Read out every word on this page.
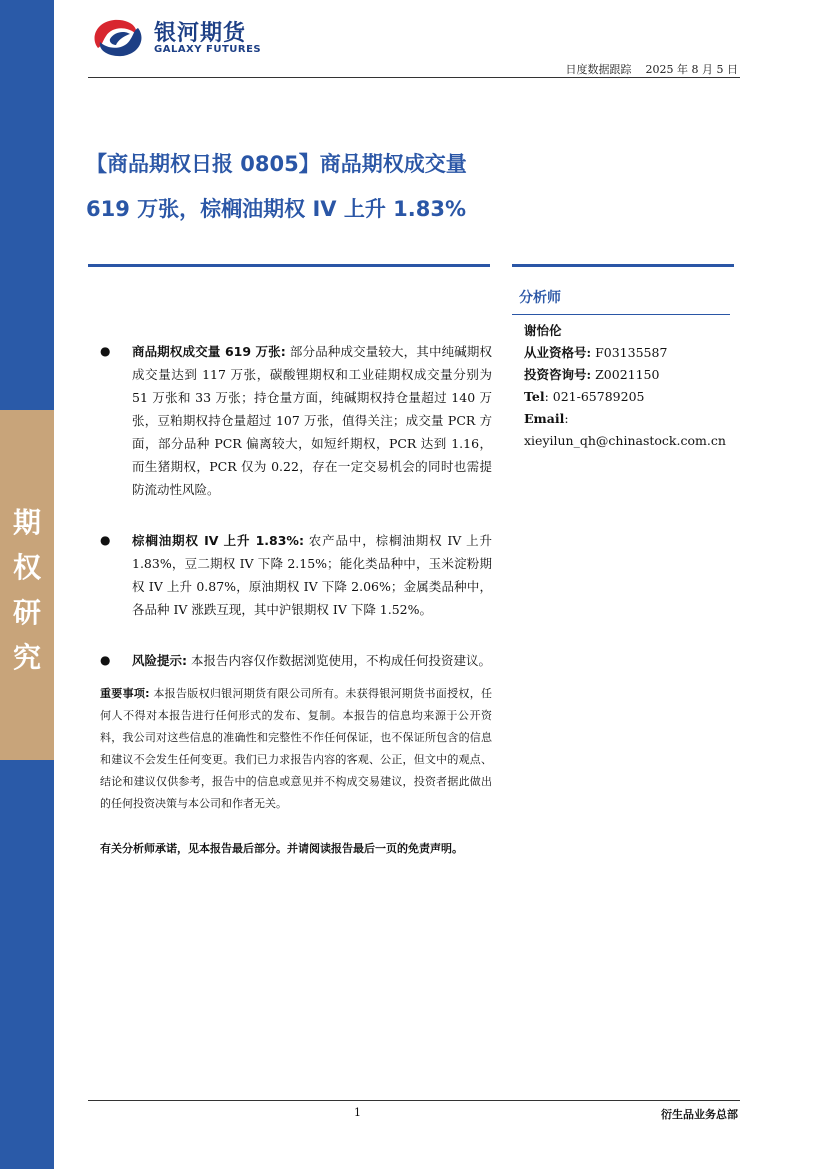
期
权
研
究
银河期货
GALAXY FUTURES
日度数据跟踪 2025 年 8 月 5 日
【商品期权日报 0805】商品期权成交量 619 万张，棕榈油期权 IV 上升 1.83%
分析师
谢怡伦
从业资格号: F03135587
投资咨询号: Z0021150
Tel: 021-65789205
Email:
xieyilun_qh@chinastock.com.cn
● 商品期权成交量 619 万张: 部分品种成交量较大，其中纯碱期权成交量达到 117 万张，碳酸锂期权和工业硅期权成交量分别为 51 万张和 33 万张；持仓量方面，纯碱期权持仓量超过 140 万张，豆粕期权持仓量超过 107 万张，值得关注；成交量 PCR 方面，部分品种 PCR 偏离较大，如短纤期权，PCR 达到 1.16，而生猪期权，PCR 仅为 0.22，存在一定交易机会的同时也需提防流动性风险。
● 棕榈油期权 IV 上升 1.83%: 农产品中，棕榈油期权 IV 上升 1.83%，豆二期权 IV 下降 2.15%；能化类品种中，玉米淀粉期权 IV 上升 0.87%，原油期权 IV 下降 2.06%；金属类品种中，各品种 IV 涨跌互现，其中沪银期权 IV 下降 1.52%。
● 风险提示: 本报告内容仅作数据浏览使用，不构成任何投资建议。
重要事项: 本报告版权归银河期货有限公司所有。未获得银河期货书面授权，任何人不得对本报告进行任何形式的发布、复制。本报告的信息均来源于公开资料，我公司对这些信息的准确性和完整性不作任何保证，也不保证所包含的信息和建议不会发生任何变更。我们已力求报告内容的客观、公正，但文中的观点、结论和建议仅供参考，报告中的信息或意见并不构成交易建议，投资者据此做出的任何投资决策与本公司和作者无关。
有关分析师承诺，见本报告最后部分。并请阅读报告最后一页的免责声明。
1	衍生品业务总部
